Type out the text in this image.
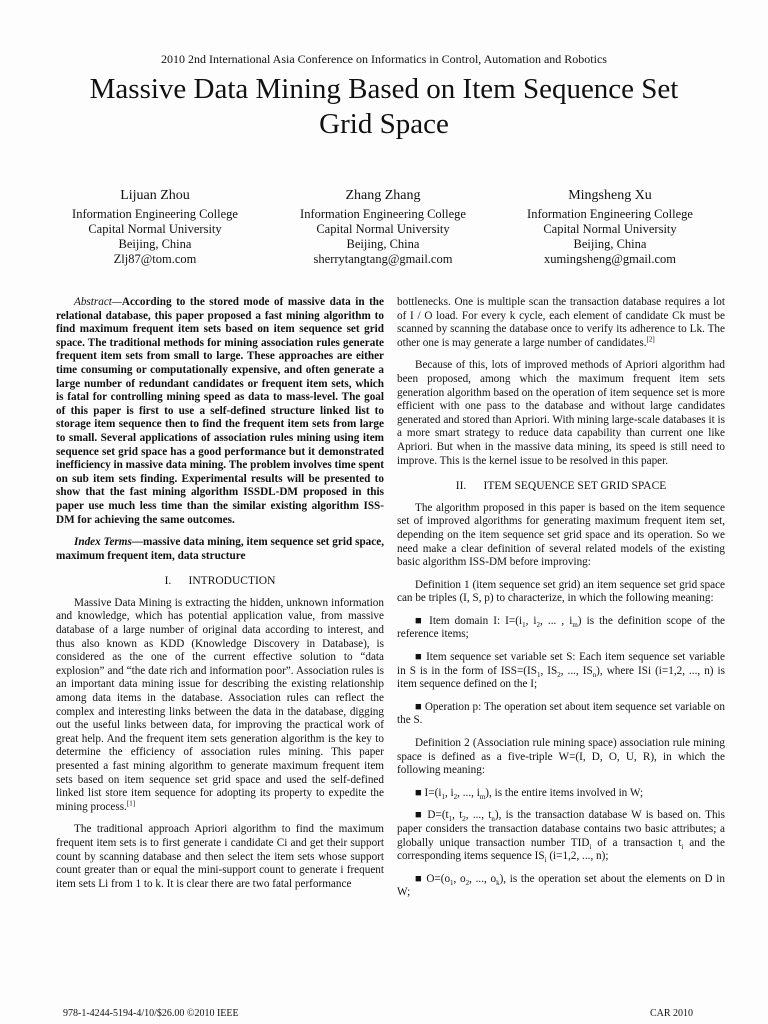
2010 2nd International Asia Conference on Informatics in Control, Automation and Robotics
Massive Data Mining Based on Item Sequence Set
Grid Space
Lijuan Zhou
Information Engineering College
Capital Normal University
Beijing, China
Zlj87@tom.com
Zhang Zhang
Information Engineering College
Capital Normal University
Beijing, China
sherrytangtang@gmail.com
Mingsheng Xu
Information Engineering College
Capital Normal University
Beijing, China
xumingsheng@gmail.com

Abstract—According to the stored mode of massive data in the relational database, this paper proposed a fast mining algorithm to find maximum frequent item sets based on item sequence set grid space. The traditional methods for mining association rules generate frequent item sets from small to large. These approaches are either time consuming or computationally expensive, and often generate a large number of redundant candidates or frequent item sets, which is fatal for controlling mining speed as data to mass-level. The goal of this paper is first to use a self-defined structure linked list to storage item sequence then to find the frequent item sets from large to small. Several applications of association rules mining using item sequence set grid space has a good performance but it demonstrated inefficiency in massive data mining. The problem involves time spent on sub item sets finding. Experimental results will be presented to show that the fast mining algorithm ISSDL-DM proposed in this paper use much less time than the similar existing algorithm ISS-DM for achieving the same outcomes.

Index Terms—massive data mining, item sequence set grid space, maximum frequent item, data structure

I.      INTRODUCTION

Massive Data Mining is extracting the hidden, unknown information and knowledge, which has potential application value, from massive database of a large number of original data according to interest, and thus also known as KDD (Knowledge Discovery in Database), is considered as the one of the current effective solution to “data explosion” and “the date rich and information poor”. Association rules is an important data mining issue for describing the existing relationship among data items in the database. Association rules can reflect the complex and interesting links between the data in the database, digging out the useful links between data, for improving the practical work of great help. And the frequent item sets generation algorithm is the key to determine the efficiency of association rules mining. This paper presented a fast mining algorithm to generate maximum frequent item sets based on item sequence set grid space and used the self-defined linked list store item sequence for adopting its property to expedite the mining process.[1]

The traditional approach Apriori algorithm to find the maximum frequent item sets is to first generate i candidate Ci and get their support count by scanning database and then select the item sets whose support count greater than or equal the mini-support count to generate i frequent item sets Li from 1 to k. It is clear there are two fatal performance

bottlenecks. One is multiple scan the transaction database requires a lot of I / O load. For every k cycle, each element of candidate Ck must be scanned by scanning the database once to verify its adherence to Lk. The other one is may generate a large number of candidates.[2]

Because of this, lots of improved methods of Apriori algorithm had been proposed, among which the maximum frequent item sets generation algorithm based on the operation of item sequence set is more efficient with one pass to the database and without large candidates generated and stored than Apriori. With mining large-scale databases it is a more smart strategy to reduce data capability than current one like Apriori. But when in the massive data mining, its speed is still need to improve. This is the kernel issue to be resolved in this paper.

II.      ITEM SEQUENCE SET GRID SPACE

The algorithm proposed in this paper is based on the item sequence set of improved algorithms for generating maximum frequent item set, depending on the item sequence set grid space and its operation. So we need make a clear definition of several related models of the existing basic algorithm ISS-DM before improving:

Definition 1 (item sequence set grid) an item sequence set grid space can be triples (I, S, p) to characterize, in which the following meaning:

■ Item domain I: $I=(i_1$, $i_2$, ... , $i_m$) is the definition scope of the reference items;

■ Item sequence set variable set S: Each item sequence set variable in S is in the form of $ISS=(IS_1$, $IS_2$, ..., $IS_n$), where ISi (i=1,2, ..., n) is item sequence defined on the I;

■ Operation p: The operation set about item sequence set variable on the S.

Definition 2 (Association rule mining space) association rule mining space is defined as a five-triple W=(I, D, O, U, R), in which the following meaning:

■ $I=(i_1$, $i_2$, ..., $i_m$), is the entire items involved in W;

■ $D=(t_1$, $t_2$, ..., $t_n$), is the transaction database W is based on. This paper considers the transaction database contains two basic attributes; a globally unique transaction number $TID_i$ of a transaction $t_i$ and the corresponding items sequence $IS_i$ (i=1,2, ..., n);

■ $O=(o_1$, $o_2$, ..., $o_k$), is the operation set about the elements on D in W;

978-1-4244-5194-4/10/$26.00 ©2010 IEEE	CAR 2010
